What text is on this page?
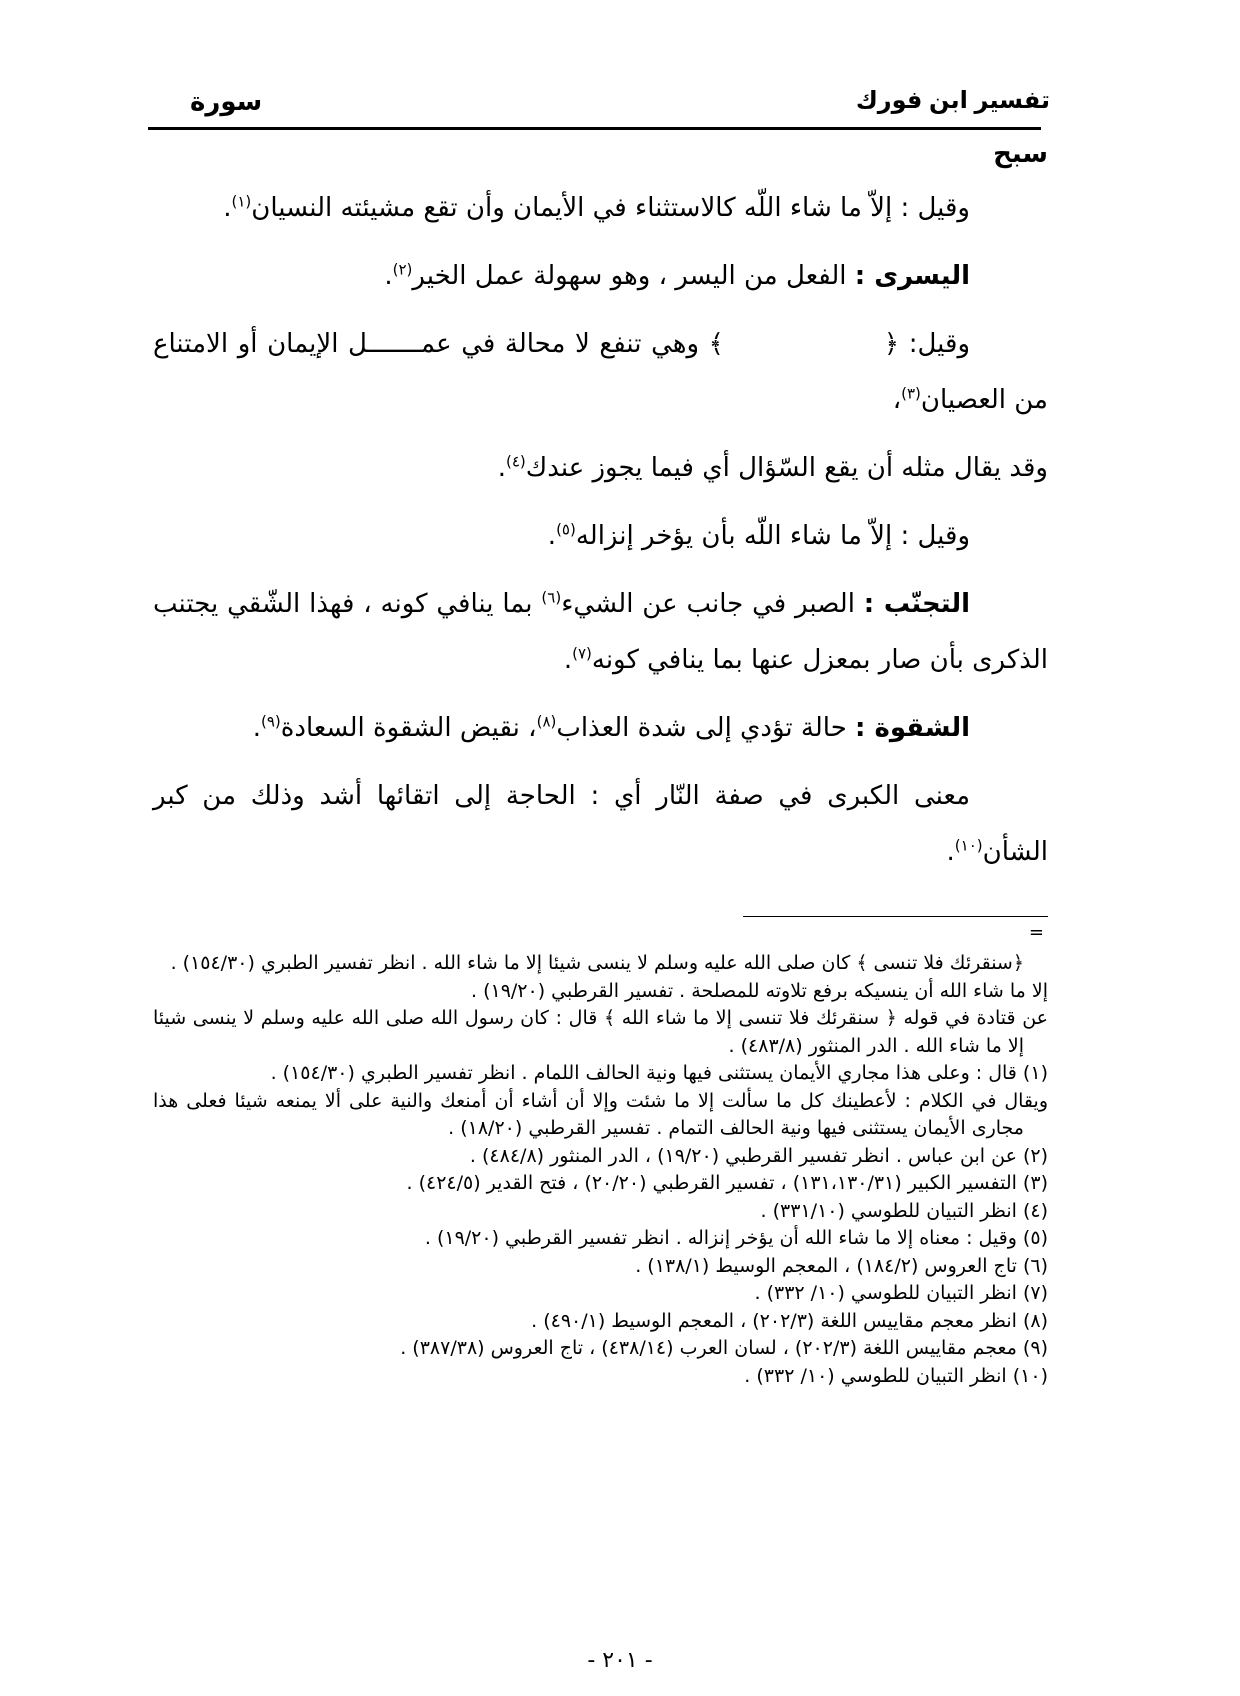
تفسير ابن فورك
سورة
سبح

وقيل : إلاّ ما شاء اللّه كالاستثناء في الأيمان وأن تقع مشيئته النسيان$^{(١)}$.

اليسرى : الفعل من اليسر ، وهو سهولة عمل الخير$^{(٢)}$.

وقيل: ﴿﴾ وهي تنفع لا محالة في عمـــــــل الإيمان أو الامتناع من العصيان$^{(٣)}$،

وقد يقال مثله أن يقع السّؤال أي فيما يجوز عندك$^{(٤)}$.

وقيل : إلاّ ما شاء اللّه بأن يؤخر إنزاله$^{(٥)}$.

التجنّب : الصبر في جانب عن الشيء$^{(٦)}$ بما ينافي كونه ، فهذا الشّقي يجتنب الذكرى بأن صار بمعزل عنها بما ينافي كونه$^{(٧)}$.

الشقوة : حالة تؤدي إلى شدة العذاب$^{(٨)}$، نقيض الشقوة السعادة$^{(٩)}$.

معنى الكبرى في صفة النّار أي : الحاجة إلى اتقائها أشد وذلك من كبر الشأن$^{(١٠)}$.

=

﴿سنقرئك فلا تنسى ﴾ كان صلى الله عليه وسلم لا ينسى شيئا إلا ما شاء الله . انظر تفسير الطبري (١٥٤/٣٠) .

إلا ما شاء الله أن ينسيكه برفع تلاوته للمصلحة . تفسير القرطبي (١٩/٢٠) .

عن قتادة في قوله ﴿ سنقرئك فلا تنسى إلا ما شاء الله ﴾ قال : كان رسول الله صلى الله عليه وسلم لا ينسى شيئا إلا ما شاء الله . الدر المنثور (٤٨٣/٨) .

(١) قال : وعلى هذا مجاري الأيمان يستثنى فيها ونية الحالف اللمام . انظر تفسير الطبري (١٥٤/٣٠) .

ويقال في الكلام : لأعطينك كل ما سألت إلا ما شئت وإلا أن أشاء أن أمنعك والنية على ألا يمنعه شيئا فعلى هذا مجارى الأيمان يستثنى فيها ونية الحالف التمام . تفسير القرطبي (١٨/٢٠) .

(٢) عن ابن عباس . انظر تفسير القرطبي (١٩/٢٠) ، الدر المنثور (٤٨٤/٨) .

(٣) التفسير الكبير (١٣١،١٣٠/٣١) ، تفسير القرطبي (٢٠/٢٠) ، فتح القدير (٤٢٤/٥) .

(٤) انظر التبيان للطوسي (٣٣١/١٠) .

(٥) وقيل : معناه إلا ما شاء الله أن يؤخر إنزاله . انظر تفسير القرطبي (١٩/٢٠) .

(٦) تاج العروس (١٨٤/٢) ، المعجم الوسيط (١٣٨/١) .

(٧) انظر التبيان للطوسي (١٠/ ٣٣٢) .

(٨) انظر معجم مقاييس اللغة (٢٠٢/٣) ، المعجم الوسيط (٤٩٠/١) .

(٩) معجم مقاييس اللغة (٢٠٢/٣) ، لسان العرب (٤٣٨/١٤) ، تاج العروس (٣٨٧/٣٨) .

(١٠) انظر التبيان للطوسي (١٠/ ٣٣٢) .

- ٢٠١ -
